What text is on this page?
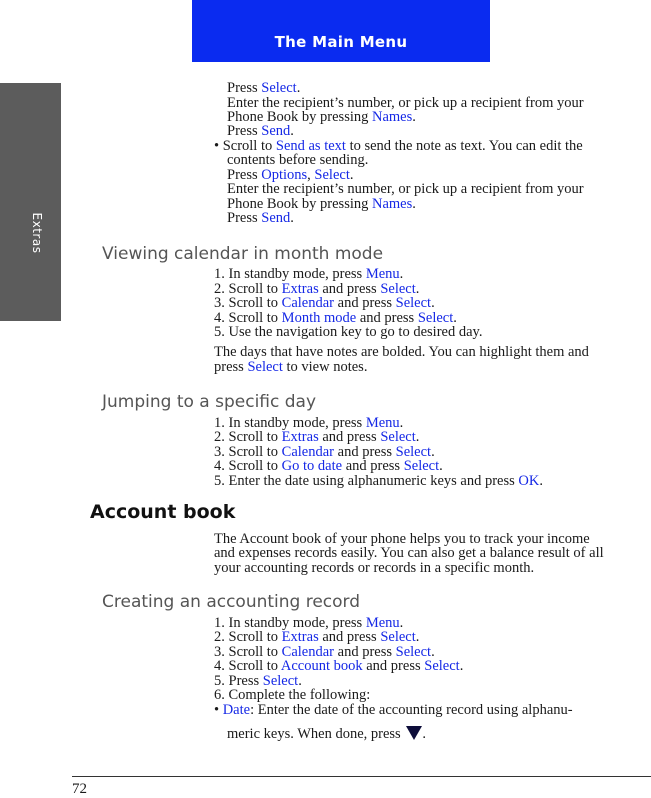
The Main Menu
Extras
Press Select.
Enter the recipient’s number, or pick up a recipient from your
Phone Book by pressing Names.
Press Send.
• Scroll to Send as text to send the note as text. You can edit the
contents before sending.
Press Options, Select.
Enter the recipient’s number, or pick up a recipient from your
Phone Book by pressing Names.
Press Send.
Viewing calendar in month mode
1. In standby mode, press Menu.
2. Scroll to Extras and press Select.
3. Scroll to Calendar and press Select.
4. Scroll to Month mode and press Select.
5. Use the navigation key to go to desired day.
The days that have notes are bolded. You can highlight them and
press Select to view notes.
Jumping to a specific day
1. In standby mode, press Menu.
2. Scroll to Extras and press Select.
3. Scroll to Calendar and press Select.
4. Scroll to Go to date and press Select.
5. Enter the date using alphanumeric keys and press OK.
Account book
The Account book of your phone helps you to track your income
and expenses records easily. You can also get a balance result of all
your accounting records or records in a specific month.
Creating an accounting record
1. In standby mode, press Menu.
2. Scroll to Extras and press Select.
3. Scroll to Calendar and press Select.
4. Scroll to Account book and press Select.
5. Press Select.
6. Complete the following:
• Date: Enter the date of the accounting record using alphanu-
meric keys. When done, press .
72
